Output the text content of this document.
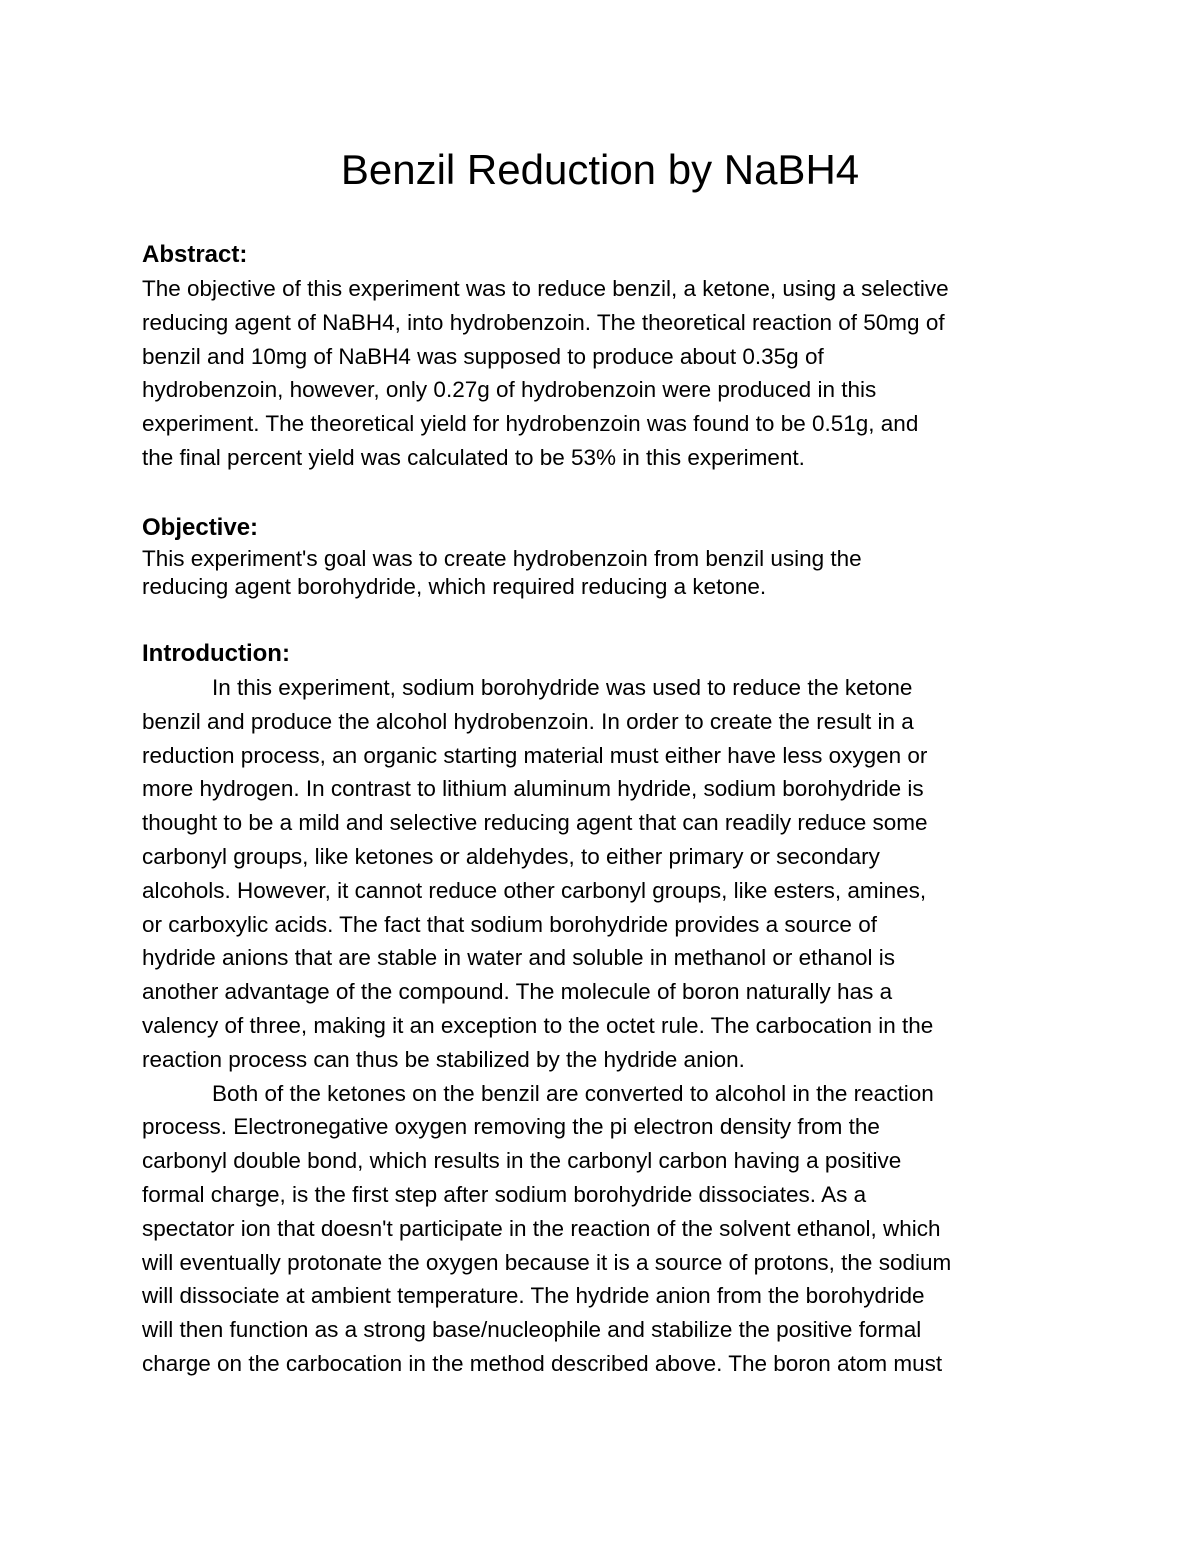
Benzil Reduction by NaBH4
Abstract:

The objective of this experiment was to reduce benzil, a ketone, using a selective
reducing agent of NaBH4, into hydrobenzoin. The theoretical reaction of 50mg of
benzil and 10mg of NaBH4 was supposed to produce about 0.35g of
hydrobenzoin, however, only 0.27g of hydrobenzoin were produced in this
experiment. The theoretical yield for hydrobenzoin was found to be 0.51g, and
the final percent yield was calculated to be 53% in this experiment.

Objective:

This experiment's goal was to create hydrobenzoin from benzil using the
reducing agent borohydride, which required reducing a ketone.

Introduction:

In this experiment, sodium borohydride was used to reduce the ketone
benzil and produce the alcohol hydrobenzoin. In order to create the result in a
reduction process, an organic starting material must either have less oxygen or
more hydrogen. In contrast to lithium aluminum hydride, sodium borohydride is
thought to be a mild and selective reducing agent that can readily reduce some
carbonyl groups, like ketones or aldehydes, to either primary or secondary
alcohols. However, it cannot reduce other carbonyl groups, like esters, amines,
or carboxylic acids. The fact that sodium borohydride provides a source of
hydride anions that are stable in water and soluble in methanol or ethanol is
another advantage of the compound. The molecule of boron naturally has a
valency of three, making it an exception to the octet rule. The carbocation in the
reaction process can thus be stabilized by the hydride anion.

Both of the ketones on the benzil are converted to alcohol in the reaction
process. Electronegative oxygen removing the pi electron density from the
carbonyl double bond, which results in the carbonyl carbon having a positive
formal charge, is the first step after sodium borohydride dissociates. As a
spectator ion that doesn't participate in the reaction of the solvent ethanol, which
will eventually protonate the oxygen because it is a source of protons, the sodium
will dissociate at ambient temperature. The hydride anion from the borohydride
will then function as a strong base/nucleophile and stabilize the positive formal
charge on the carbocation in the method described above. The boron atom must
